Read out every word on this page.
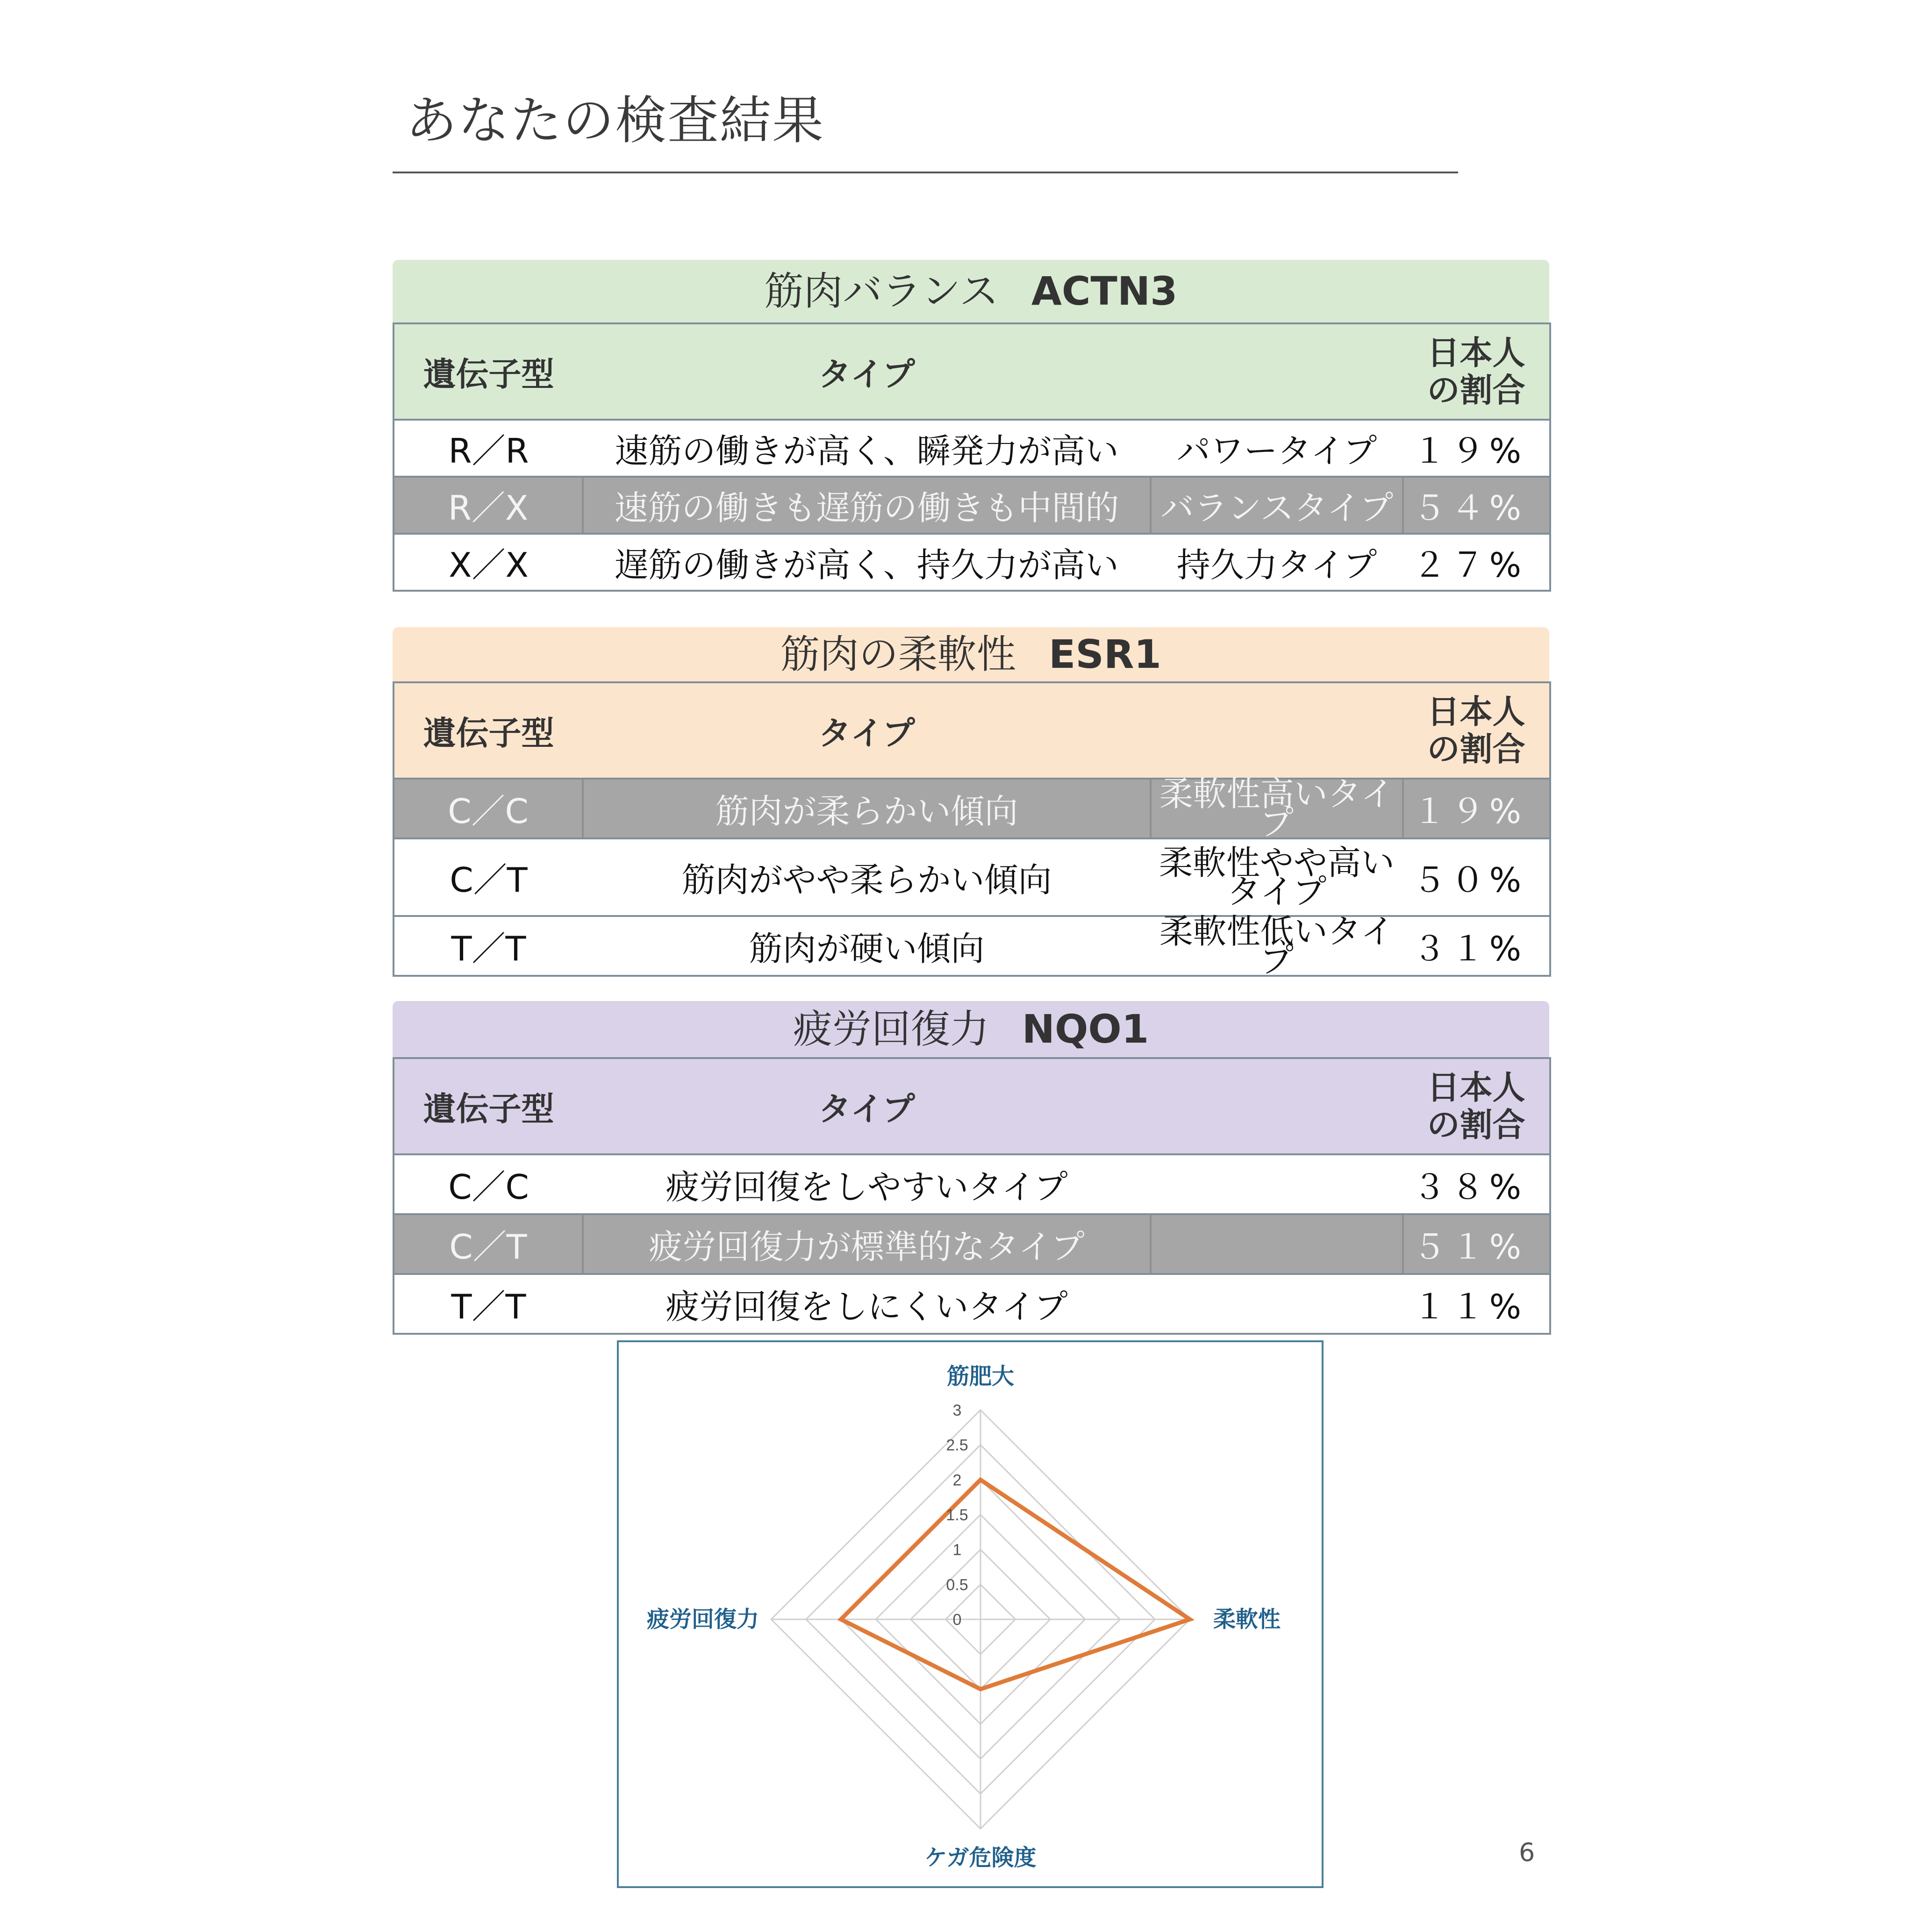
あなたの検査結果
筋肉バランス ACTN3
遺伝子型	タイプ		日本人
の割合
R／R	速筋の働きが高く、瞬発力が高い	パワータイプ	１９%
R／X	速筋の働きも遅筋の働きも中間的	バランスタイプ	５４%
X／X	遅筋の働きが高く、持久力が高い	持久力タイプ	２７%
筋肉の柔軟性 ESR1
遺伝子型	タイプ		日本人
の割合
C／C	筋肉が柔らかい傾向	柔軟性高いタイプ	１９%
C／T	筋肉がやや柔らかい傾向	柔軟性やや高い
タイプ	５０%
T／T	筋肉が硬い傾向	柔軟性低いタイプ	３１%
疲労回復力 NQO1
遺伝子型	タイプ		日本人
の割合
C／C	疲労回復をしやすいタイプ		３８%
C／T	疲労回復力が標準的なタイプ		５１%
T／T	疲労回復をしにくいタイプ		１１%
0
0.5
1
1.5
2
2.5
3
筋肥大
柔軟性
ケガ危険度
疲労回復力
6
